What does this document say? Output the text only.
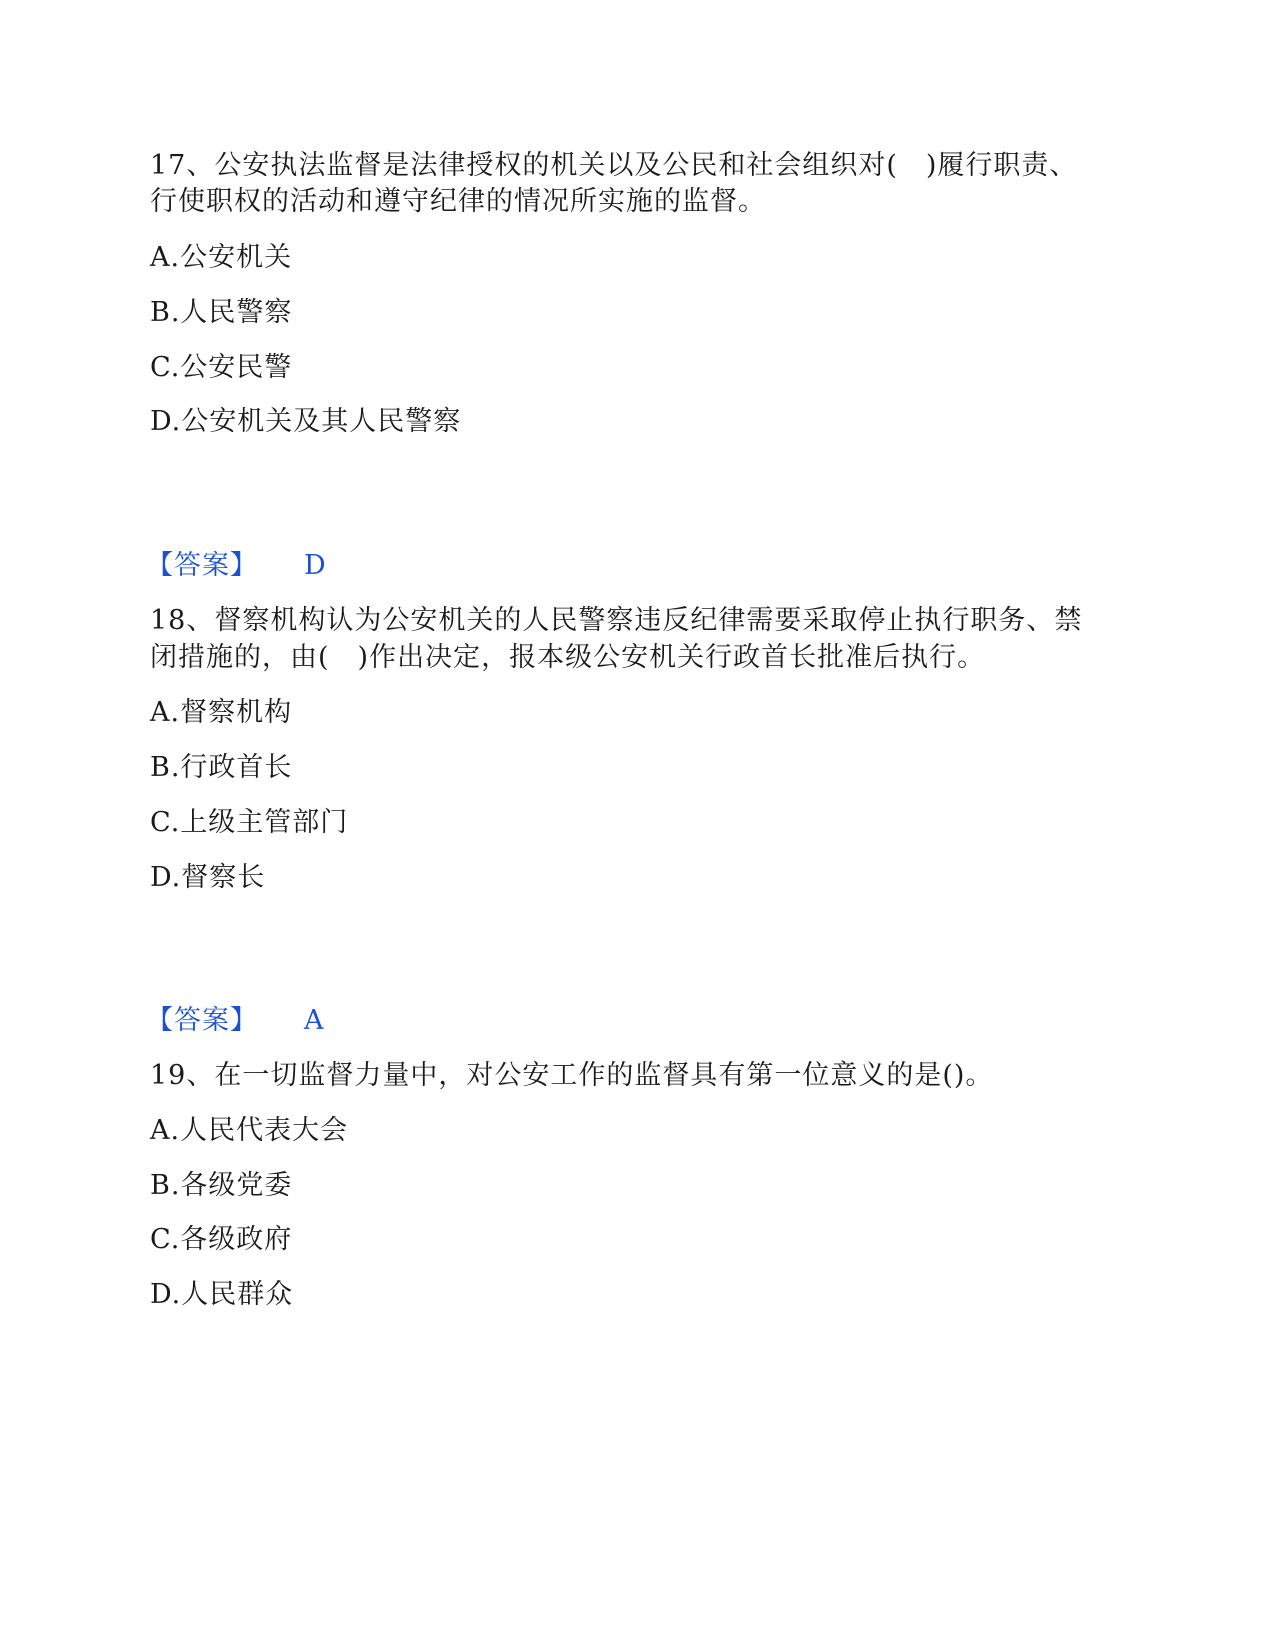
17、公安执法监督是法律授权的机关以及公民和社会组织对(　)履行职责、
行使职权的活动和遵守纪律的情况所实施的监督。
A.公安机关
B.人民警察
C.公安民警
D.公安机关及其人民警察
【答案】 D
18、督察机构认为公安机关的人民警察违反纪律需要采取停止执行职务、禁
闭措施的，由(　)作出决定，报本级公安机关行政首长批准后执行。
A.督察机构
B.行政首长
C.上级主管部门
D.督察长
【答案】 A
19、在一切监督力量中，对公安工作的监督具有第一位意义的是()。
A.人民代表大会
B.各级党委
C.各级政府
D.人民群众
